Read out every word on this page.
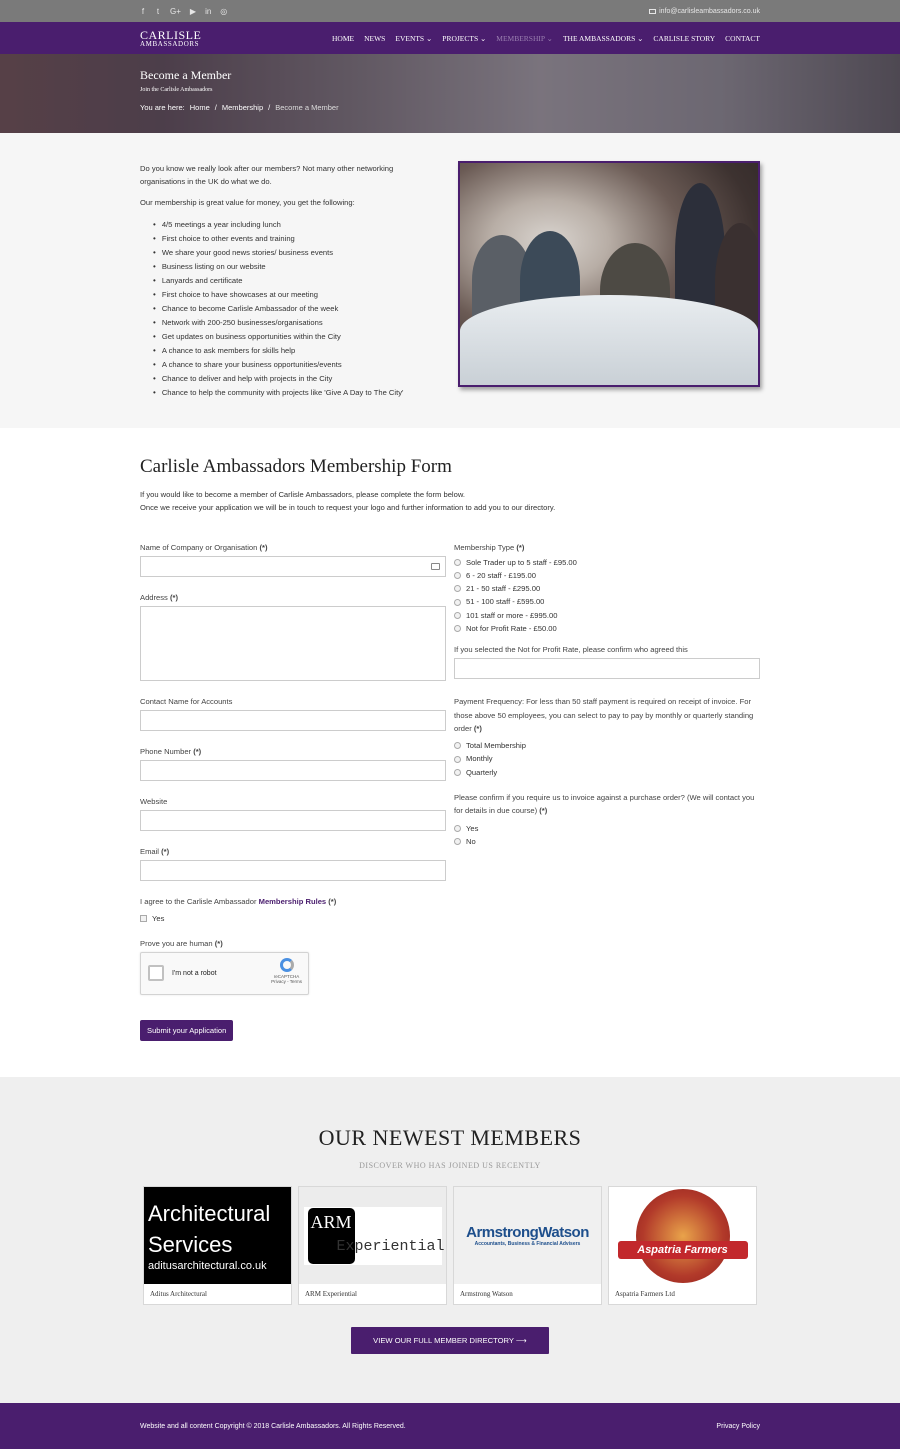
f t G+ ▶ in ◎	info@carlisleambassadors.co.uk
CARLISLE
AMBASSADORS
HOME NEWS EVENTS ⌄ PROJECTS ⌄ MEMBERSHIP ⌄ THE AMBASSADORS ⌄ CARLISLE STORY CONTACT
Become a Member
Join the Carlisle Ambassadors
You are here: Home / Membership / Become a Member

Do you know we really look after our members? Not many other networking organisations in the UK do what we do.

Our membership is great value for money, you get the following:

• 4/5 meetings a year including lunch
• First choice to other events and training
• We share your good news stories/ business events
• Business listing on our website
• Lanyards and certificate
• First choice to have showcases at our meeting
• Chance to become Carlisle Ambassador of the week
• Network with 200-250 businesses/organisations
• Get updates on business opportunities within the City
• A chance to ask members for skills help
• A chance to share your business opportunities/events
• Chance to deliver and help with projects in the City
• Chance to help the community with projects like 'Give A Day to The City'
Carlisle Ambassadors Membership Form
If you would like to become a member of Carlisle Ambassadors, please complete the form below.
Once we receive your application we will be in touch to request your logo and further information to add you to our directory.
Name of Company or Organisation (*)
Address (*)
Contact Name for Accounts
Phone Number (*)
Website
Email (*)
I agree to the Carlisle Ambassador Membership Rules (*)
Yes
Prove you are human (*)
I'm not a robot	reCAPTCHA
Privacy - Terms
Submit your Application
Membership Type (*)
Sole Trader up to 5 staff - £95.00
6 - 20 staff - £195.00
21 - 50 staff - £295.00
51 - 100 staff - £595.00
101 staff or more - £995.00
Not for Profit Rate - £50.00
If you selected the Not for Profit Rate, please confirm who agreed this
Payment Frequency: For less than 50 staff payment is required on receipt of invoice. For those above 50 employees, you can select to pay to pay by monthly or quarterly standing order (*)
Total Membership
Monthly
Quarterly
Please confirm if you require us to invoice against a purchase order? (We will contact you for details in due course) (*)
Yes
No
OUR NEWEST MEMBERS
DISCOVER WHO HAS JOINED US RECENTLY
Architectural
Services
aditusarchitectural.co.uk
Aditus Architectural
ARM
Experiential
ARM Experiential
ArmstrongWatson
Accountants, Business & Financial Advisers
Armstrong Watson
Aspatria Farmers
Aspatria Farmers Ltd
VIEW OUR FULL MEMBER DIRECTORY ⟶
Website and all content Copyright © 2018 Carlisle Ambassadors. All Rights Reserved.	Privacy Policy
